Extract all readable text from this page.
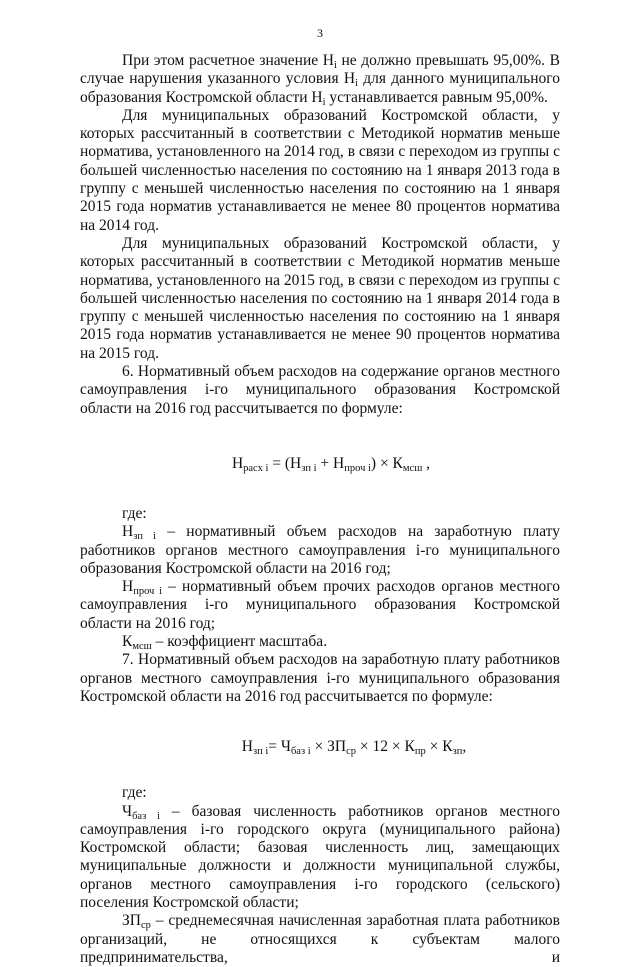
3

При этом расчетное значение $Н_i$ не должно превышать 95,00%. В случае нарушения указанного условия $Н_i$ для данного муниципального образования Костромской области $Н_i$ устанавливается равным 95,00%.

Для муниципальных образований Костромской области, у которых рассчитанный в соответствии с Методикой норматив меньше норматива, установленного на 2014 год, в связи с переходом из группы с большей численностью населения по состоянию на 1 января 2013 года в группу с меньшей численностью населения по состоянию на 1 января 2015 года норматив устанавливается не менее 80 процентов норматива на 2014 год.

Для муниципальных образований Костромской области, у которых рассчитанный в соответствии с Методикой норматив меньше норматива, установленного на 2015 год, в связи с переходом из группы с большей численностью населения по состоянию на 1 января 2014 года в группу с меньшей численностью населения по состоянию на 1 января 2015 года норматив устанавливается не менее 90 процентов норматива на 2015 год.

6. Нормативный объем расходов на содержание органов местного самоуправления i-го муниципального образования Костромской области на 2016 год рассчитывается по формуле:

$Н_{расх i} = (Н_{зп i} + Н_{проч i}) \times К_{мсш}$ ,

где:

$Н_{зп i}$ – нормативный объем расходов на заработную плату работников органов местного самоуправления i-го муниципального образования Костромской области на 2016 год;

$Н_{проч i}$ – нормативный объем прочих расходов органов местного самоуправления i-го муниципального образования Костромской области на 2016 год;

$К_{мсш}$ – коэффициент масштаба.

7. Нормативный объем расходов на заработную плату работников органов местного самоуправления i-го муниципального образования Костромской области на 2016 год рассчитывается по формуле:

$Н_{зп i}= Ч_{баз i} \times ЗП_{ср} \times 12 \times К_{пр} \times К_{зп}$,

где:

$Ч_{баз i}$ – базовая численность работников органов местного самоуправления i-го городского округа (муниципального района) Костромской области; базовая численность лиц, замещающих муниципальные должности и должности муниципальной службы, органов местного самоуправления i-го городского (сельского) поселения Костромской области;

$ЗП_{ср}$ – среднемесячная начисленная заработная плата работников организаций, не относящихся к субъектам малого предпринимательства, и
